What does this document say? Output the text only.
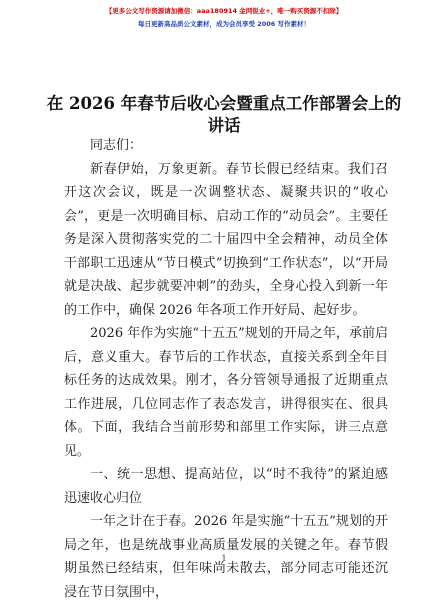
【更多公文写作资源请加微信：aaa180914 金网锐业+，唯一购买资源不扣除】
每日更新高品质公文素材，成为会员享受 2006 写作素材！
在 2026 年春节后收心会暨重点工作部署会上的讲话

同志们：

新春伊始，万象更新。春节长假已经结束。我们召开这次会议，既是一次调整状态、凝聚共识的“收心会”，更是一次明确目标、启动工作的“动员会”。主要任务是深入贯彻落实党的二十届四中全会精神，动员全体干部职工迅速从“节日模式”切换到“工作状态”，以“开局就是决战、起步就要冲刺”的劲头，全身心投入到新一年的工作中，确保 2026 年各项工作开好局、起好步。

2026 年作为实施“十五五”规划的开局之年，承前启后，意义重大。春节后的工作状态，直接关系到全年目标任务的达成效果。刚才，各分管领导通报了近期重点工作进展，几位同志作了表态发言，讲得很实在、很具体。下面，我结合当前形势和部里工作实际，讲三点意见。

一、统一思想、提高站位，以“时不我待”的紧迫感迅速收心归位

一年之计在于春。2026 年是实施“十五五”规划的开局之年，也是统战事业高质量发展的关键之年。春节假期虽然已经结束，但年味尚未散去，部分同志可能还沉浸在节日氛围中，

1
